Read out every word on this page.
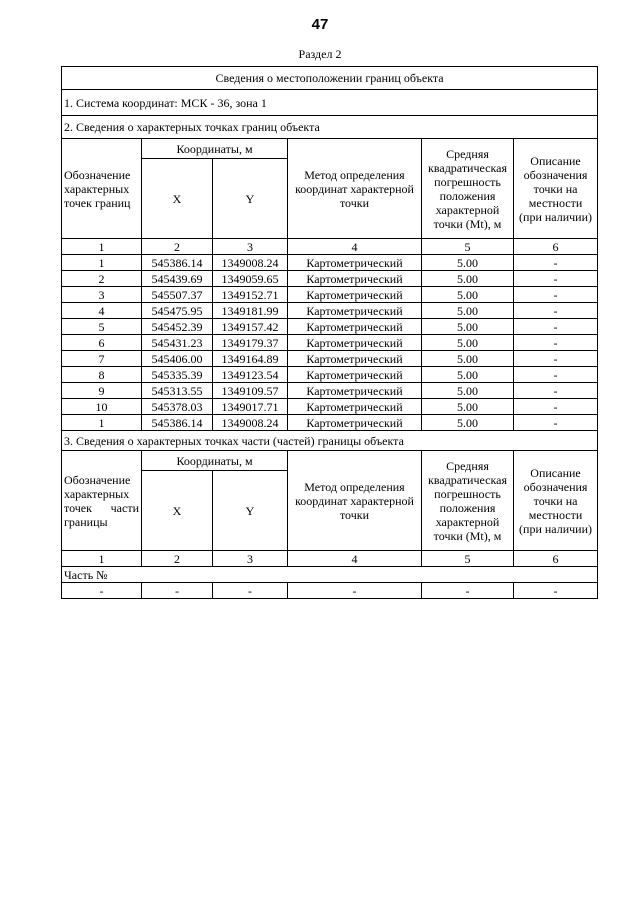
47
Раздел 2
Сведения о местоположении границ объекта					
1. Система координат: МСК - 36, зона 1					
2. Сведения о характерных точках границ объекта					
Обозначение характерных точек границ	Координаты, м		Метод определения координат характерной точки	Средняя квадратическая погрешность положения характерной точки (Mt), м	Описание обозначения точки на местности (при наличии)
	X	Y			
1	2	3	4	5	6
1	545386.14	1349008.24	Картометрический	5.00	-
2	545439.69	1349059.65	Картометрический	5.00	-
3	545507.37	1349152.71	Картометрический	5.00	-
4	545475.95	1349181.99	Картометрический	5.00	-
5	545452.39	1349157.42	Картометрический	5.00	-
6	545431.23	1349179.37	Картометрический	5.00	-
7	545406.00	1349164.89	Картометрический	5.00	-
8	545335.39	1349123.54	Картометрический	5.00	-
9	545313.55	1349109.57	Картометрический	5.00	-
10	545378.03	1349017.71	Картометрический	5.00	-
1	545386.14	1349008.24	Картометрический	5.00	-
3. Сведения о характерных точках части (частей) границы объекта					
Обозначение характерных точек части границы	Координаты, м		Метод определения координат характерной точки	Средняя квадратическая погрешность положения характерной точки (Mt), м	Описание обозначения точки на местности (при наличии)
	X	Y			
1	2	3	4	5	6
Часть №					
-	-	-	-	-	-
